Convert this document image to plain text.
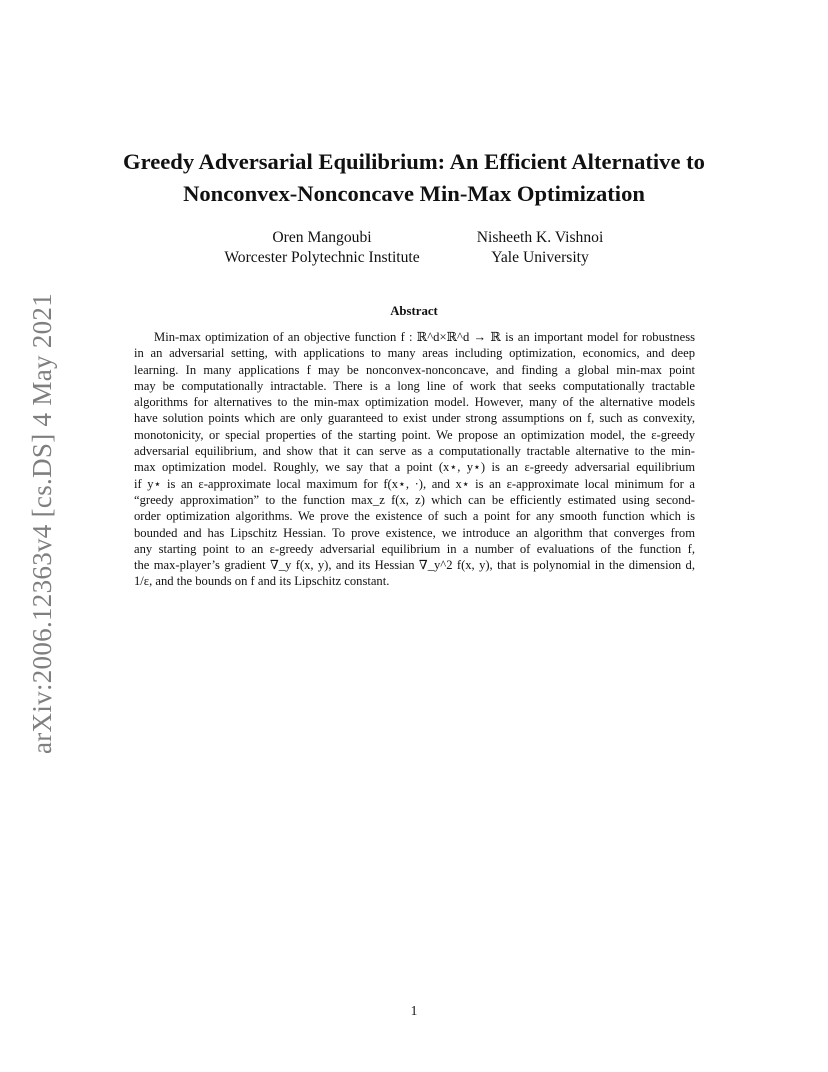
arXiv:2006.12363v4 [cs.DS] 4 May 2021
Greedy Adversarial Equilibrium: An Efficient Alternative to
Nonconvex-Nonconcave Min-Max Optimization
Oren Mangoubi
Worcester Polytechnic Institute
Nisheeth K. Vishnoi
Yale University
Abstract
Min-max optimization of an objective function f : ℝ^d×ℝ^d → ℝ is an important model for robustness
in an adversarial setting, with applications to many areas including optimization, economics, and deep
learning. In many applications f may be nonconvex-nonconcave, and finding a global min-max point
may be computationally intractable. There is a long line of work that seeks computationally tractable
algorithms for alternatives to the min-max optimization model. However, many of the alternative models
have solution points which are only guaranteed to exist under strong assumptions on f, such as convexity,
monotonicity, or special properties of the starting point. We propose an optimization model, the ε-greedy
adversarial equilibrium, and show that it can serve as a computationally tractable alternative to the min-
max optimization model. Roughly, we say that a point (x⋆, y⋆) is an ε-greedy adversarial equilibrium
if y⋆ is an ε-approximate local maximum for f(x⋆, ·), and x⋆ is an ε-approximate local minimum for a
“greedy approximation” to the function max_z f(x, z) which can be efficiently estimated using second-
order optimization algorithms. We prove the existence of such a point for any smooth function which is
bounded and has Lipschitz Hessian. To prove existence, we introduce an algorithm that converges from
any starting point to an ε-greedy adversarial equilibrium in a number of evaluations of the function f,
the max-player’s gradient ∇_y f(x, y), and its Hessian ∇_y^2 f(x, y), that is polynomial in the dimension d,
1/ε, and the bounds on f and its Lipschitz constant.
1
